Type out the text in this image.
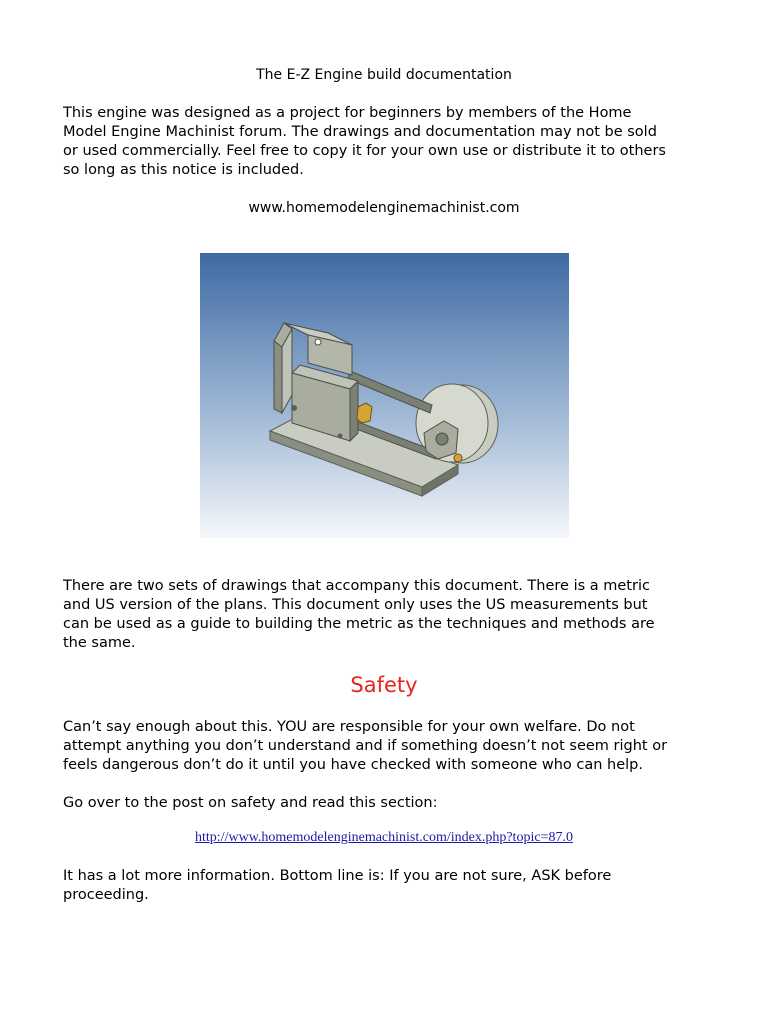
The E-Z Engine build documentation

This engine was designed as a project for beginners by members of the Home
Model Engine Machinist forum. The drawings and documentation may not be sold
or used commercially. Feel free to copy it for your own use or distribute it to others
so long as this notice is included.

www.homemodelenginemachinist.com

There are two sets of drawings that accompany this document. There is a metric
and US version of the plans. This document only uses the US measurements but
can be used as a guide to building the metric as the techniques and methods are
the same.

Safety

Can’t say enough about this. YOU are responsible for your own welfare. Do not
attempt anything you don’t understand and if something doesn’t not seem right or
feels dangerous don’t do it until you have checked with someone who can help.

Go over to the post on safety and read this section:

http://www.homemodelenginemachinist.com/index.php?topic=87.0

It has a lot more information. Bottom line is: If you are not sure, ASK before
proceeding.
